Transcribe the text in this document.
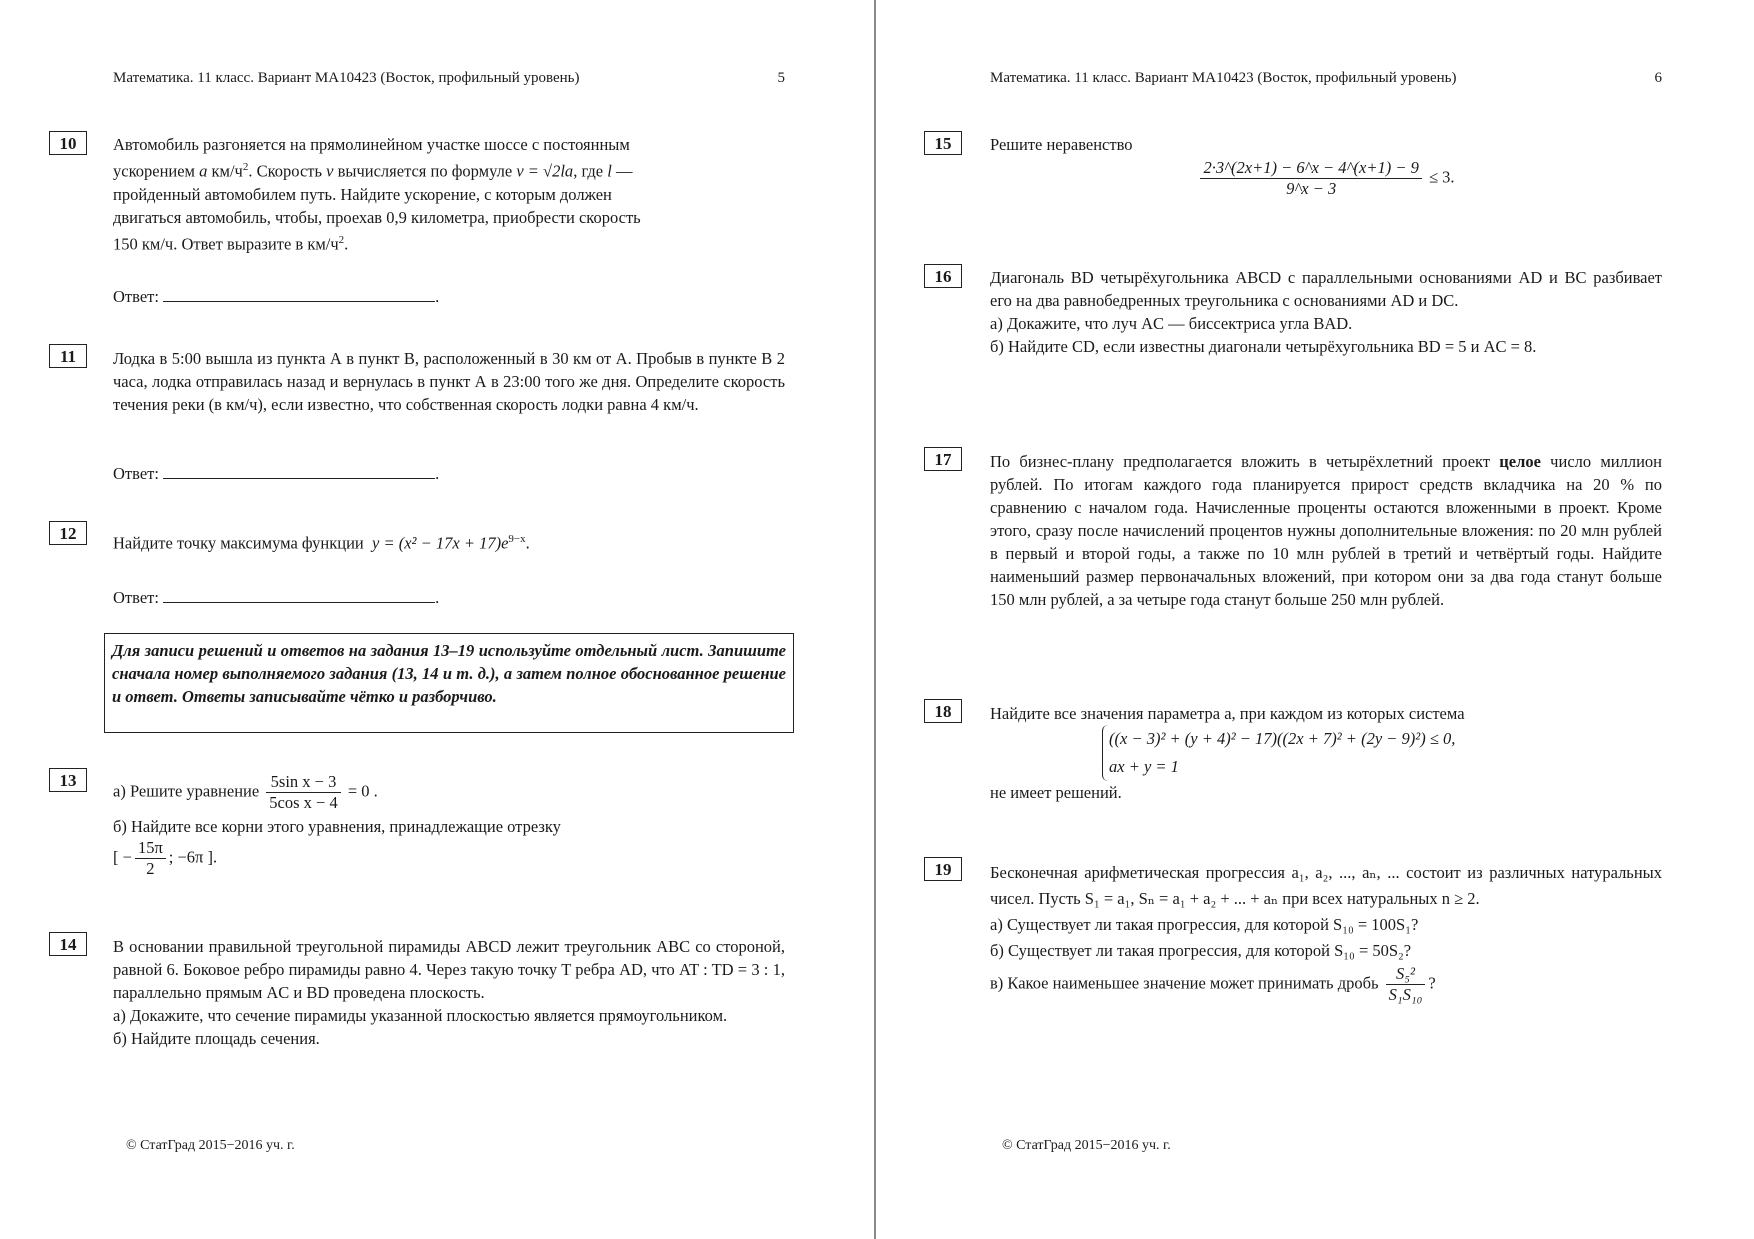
Математика. 11 класс. Вариант МА10423 (Восток, профильный уровень)	5
10	Автомобиль разгоняется на прямолинейном участке шоссе с постоянным

ускорением a $км/ч^2$. Скорость v вычисляется по формуле v = √2la, где l —

пройденный автомобилем путь. Найдите ускорение, с которым должен

двигаться автомобиль, чтобы, проехав 0,9 километра, приобрести скорость

150 км/ч. Ответ выразите в $км/ч^2$.

Ответ:	.
11	Лодка в 5:00 вышла из пункта А в пункт В, расположенный в 30 км от А. Пробыв в пункте В 2 часа, лодка отправилась назад и вернулась в пункт А в 23:00 того же дня. Определите скорость течения реки (в км/ч), если известно, что собственная скорость лодки равна 4 км/ч.
Ответ:	.
12	Найдите точку максимума функции $y = (x^2 - 17x + 17)e^{9-x}$.
Ответ:	.
Для записи решений и ответов на задания 13–19 используйте отдельный лист. Запишите сначала номер выполняемого задания (13, 14 и т. д.), а затем полное обоснованное решение и ответ. Ответы записывайте чётко и разборчиво.
13

а) Решите уравнение $\frac{\text{5sin x − 3}}{\text{5cos x − 4}} = 0$ .

б) Найдите все корни этого уравнения, принадлежащие отрезку

[ − $\frac{15\pi}{2}$ ; −6π ].

14	В основании правильной треугольной пирамиды ABCD лежит треугольник ABC со стороной, равной 6. Боковое ребро пирамиды равно 4. Через такую точку T ребра AD, что AT : TD = 3 : 1, параллельно прямым AC и BD проведена плоскость.

а) Докажите, что сечение пирамиды указанной плоскостью является прямоугольником.

б) Найдите площадь сечения.

© СтатГрад 2015−2016 уч. г.
Математика. 11 класс. Вариант МА10423 (Восток, профильный уровень)	6
15	Решите неравенство

$\frac{2\cdot 3\^{}(2x+1) - 6\^{}x - 4\^{}(x+1) - 9}{9\^{}x - 3} \le 3$.

16	Диагональ BD четырёхугольника ABCD с параллельными основаниями AD и BC разбивает его на два равнобедренных треугольника с основаниями AD и DC.

а) Докажите, что луч AC — биссектриса угла BAD.

б) Найдите CD, если известны диагонали четырёхугольника BD = 5 и AC = 8.

17	По бизнес-плану предполагается вложить в четырёхлетний проект целое число миллион рублей. По итогам каждого года планируется прирост средств вкладчика на 20 % по сравнению с началом года. Начисленные проценты остаются вложенными в проект. Кроме этого, сразу после начислений процентов нужны дополнительные вложения: по 20 млн рублей в первый и второй годы, а также по 10 млн рублей в третий и четвёртый годы. Найдите наименьший размер первоначальных вложений, при котором они за два года станут больше 150 млн рублей, а за четыре года станут больше 250 млн рублей.
18	Найдите все значения параметра a, при каждом из которых система

((x − 3)² + (y + 4)² − 17)((2x + 7)² + (2y − 9)²) ≤ 0,
ax + y = 1

не имеет решений.

19	Бесконечная арифметическая прогрессия a₁, a₂, ..., aₙ, ... состоит из различных натуральных чисел. Пусть S₁ = a₁, Sₙ = a₁ + a₂ + ... + aₙ при всех натуральных n ≥ 2.

а) Существует ли такая прогрессия, для которой S₁₀ = 100S₁?

б) Существует ли такая прогрессия, для которой S₁₀ = 50S₂?

в) Какое наименьшее значение может принимать дробь $\frac{\text{S₅²}}{\text{S₁S₁₀}}$ ?

© СтатГрад 2015−2016 уч. г.
